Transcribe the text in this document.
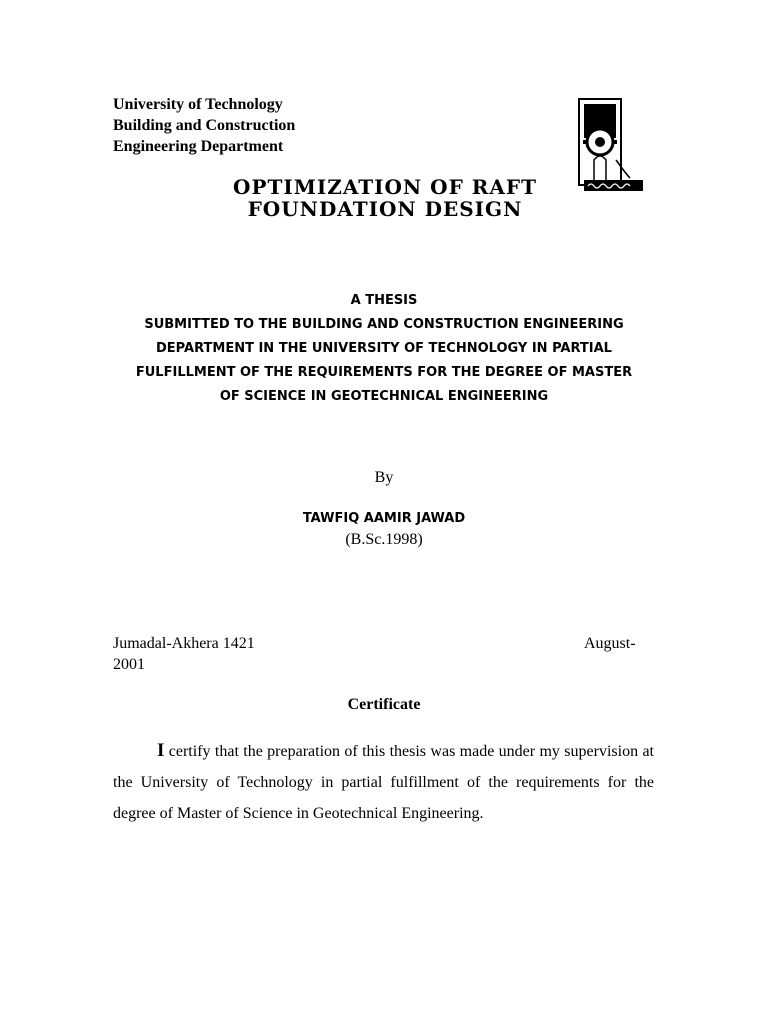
University of Technology
Building and Construction
Engineering Department
OPTIMIZATION OF RAFT
FOUNDATION DESIGN
A THESIS
SUBMITTED TO THE BUILDING AND CONSTRUCTION ENGINEERING
DEPARTMENT IN THE UNIVERSITY OF TECHNOLOGY IN PARTIAL
FULFILLMENT OF THE REQUIREMENTS FOR THE DEGREE OF MASTER
OF SCIENCE IN GEOTECHNICAL ENGINEERING
By
TAWFIQ AAMIR JAWAD
(B.Sc.1998)
Jumadal-Akhera 1421	August-
2001
Certificate
I certify that the preparation of this thesis was made under my supervision at the University of Technology in partial fulfillment of the requirements for the degree of Master of Science in Geotechnical Engineering.
